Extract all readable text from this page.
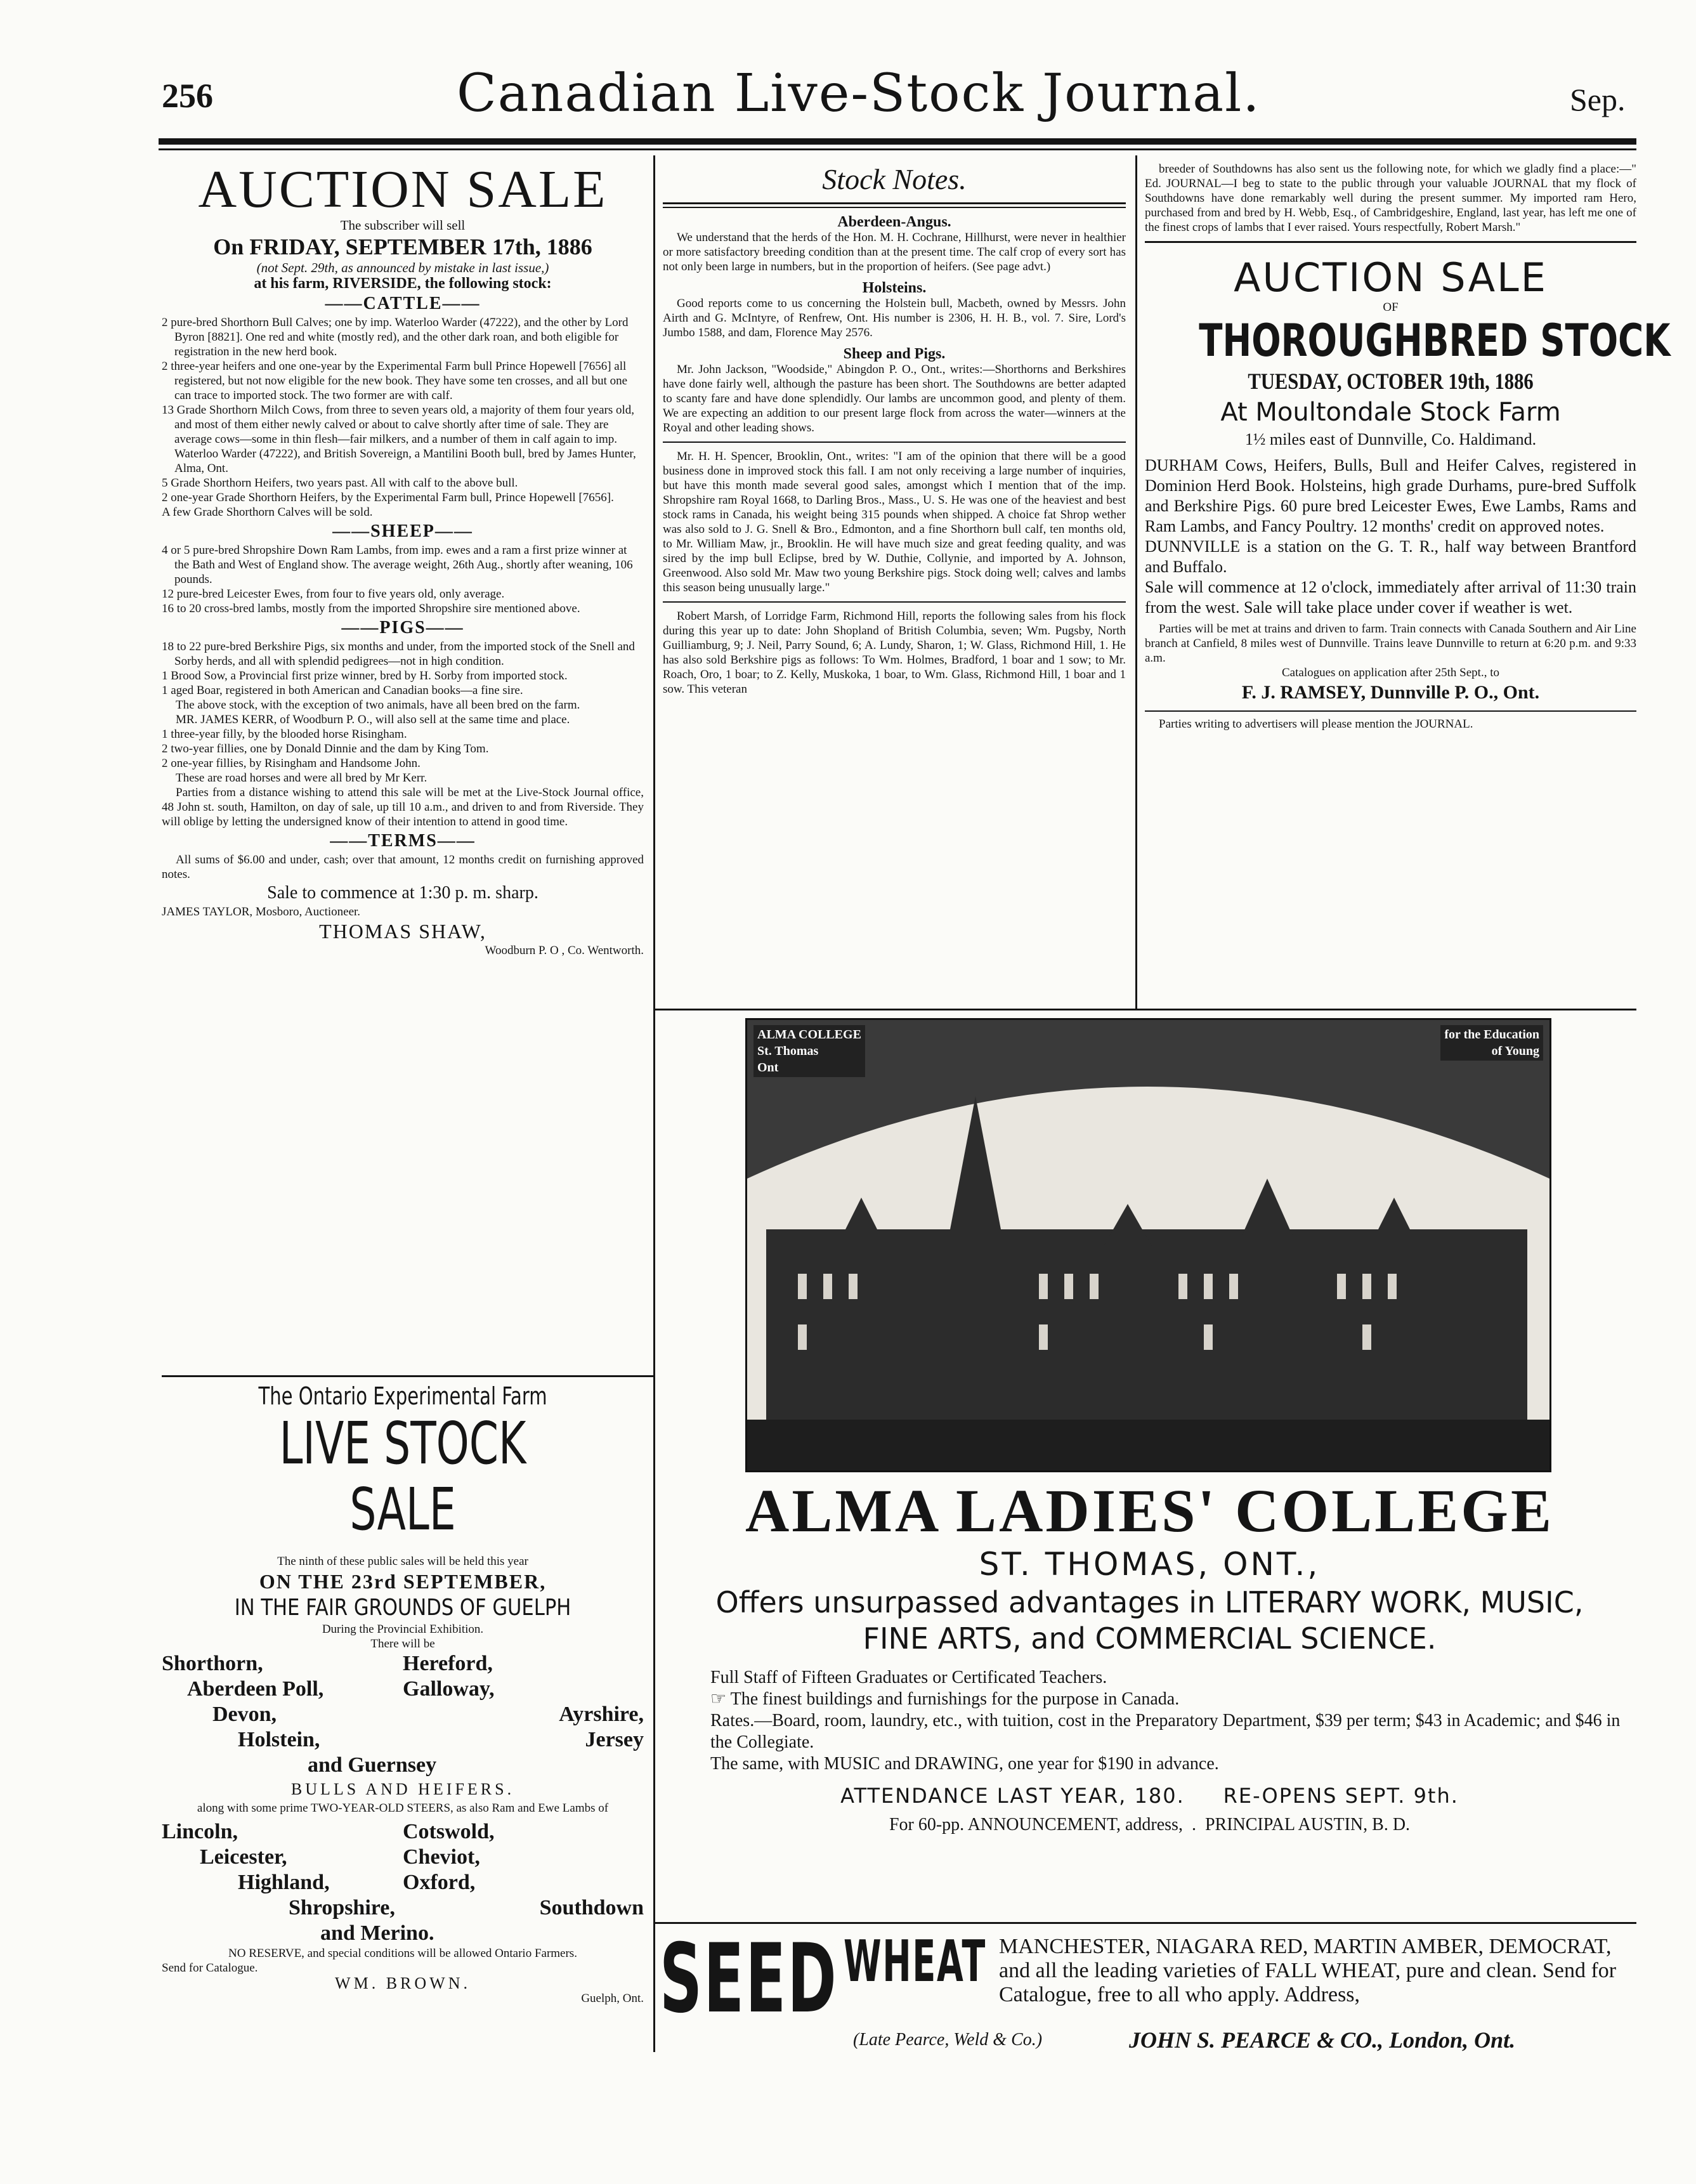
256	Canadian Live-Stock Journal.	Sep.
AUCTION SALE

The subscriber will sell

On FRIDAY, SEPTEMBER 17th, 1886

(not Sept. 29th, as announced by mistake in last issue,)

at his farm, RIVERSIDE, the following stock:

——CATTLE——

2 pure-bred Shorthorn Bull Calves; one by imp. Waterloo Warder (47222), and the other by Lord Byron [8821]. One red and white (mostly red), and the other dark roan, and both eligible for registration in the new herd book.

2 three-year heifers and one one-year by the Experimental Farm bull Prince Hopewell [7656] all registered, but not now eligible for the new book. They have some ten crosses, and all but one can trace to imported stock. The two former are with calf.

13 Grade Shorthorn Milch Cows, from three to seven years old, a majority of them four years old, and most of them either newly calved or about to calve shortly after time of sale. They are average cows—some in thin flesh—fair milkers, and a number of them in calf again to imp. Waterloo Warder (47222), and British Sovereign, a Mantilini Booth bull, bred by James Hunter, Alma, Ont.

5 Grade Shorthorn Heifers, two years past. All with calf to the above bull.

2 one-year Grade Shorthorn Heifers, by the Experimental Farm bull, Prince Hopewell [7656].

A few Grade Shorthorn Calves will be sold.

——SHEEP——

4 or 5 pure-bred Shropshire Down Ram Lambs, from imp. ewes and a ram a first prize winner at the Bath and West of England show. The average weight, 26th Aug., shortly after weaning, 106 pounds.

12 pure-bred Leicester Ewes, from four to five years old, only average.

16 to 20 cross-bred lambs, mostly from the imported Shropshire sire mentioned above.

——PIGS——

18 to 22 pure-bred Berkshire Pigs, six months and under, from the imported stock of the Snell and Sorby herds, and all with splendid pedigrees—not in high condition.

1 Brood Sow, a Provincial first prize winner, bred by H. Sorby from imported stock.

1 aged Boar, registered in both American and Canadian books—a fine sire.

The above stock, with the exception of two animals, have all been bred on the farm.

MR. JAMES KERR, of Woodburn P. O., will also sell at the same time and place.

1 three-year filly, by the blooded horse Risingham.

2 two-year fillies, one by Donald Dinnie and the dam by King Tom.

2 one-year fillies, by Risingham and Handsome John.

These are road horses and were all bred by Mr Kerr.

Parties from a distance wishing to attend this sale will be met at the Live-Stock Journal office, 48 John st. south, Hamilton, on day of sale, up till 10 a.m., and driven to and from Riverside. They will oblige by letting the undersigned know of their intention to attend in good time.

——TERMS——

All sums of $6.00 and under, cash; over that amount, 12 months credit on furnishing approved notes.

Sale to commence at 1:30 p. m. sharp.

JAMES TAYLOR, Mosboro, Auctioneer.

THOMAS SHAW,

Woodburn P. O , Co. Wentworth.

The Ontario Experimental Farm

LIVE STOCK SALE

The ninth of these public sales will be held this year

ON THE 23rd SEPTEMBER,

IN THE FAIR GROUNDS OF GUELPH

During the Provincial Exhibition.

There will be

Shorthorn,	Hereford,
Aberdeen Poll,	Galloway,
Devon,	Ayrshire,
Holstein,	Jersey
and Guernsey

BULLS AND HEIFERS.

along with some prime TWO-YEAR-OLD STEERS, as also Ram and Ewe Lambs of

Lincoln,	Cotswold,
Leicester,	Cheviot,
Highland,	Oxford,
Shropshire,	Southdown
and Merino.

NO RESERVE, and special conditions will be allowed Ontario Farmers.

Send for Catalogue.

WM. BROWN.

Guelph, Ont.

Stock Notes.

Aberdeen-Angus.

We understand that the herds of the Hon. M. H. Cochrane, Hillhurst, were never in healthier or more satisfactory breeding condition than at the present time. The calf crop of every sort has not only been large in numbers, but in the proportion of heifers. (See page advt.)

Holsteins.

Good reports come to us concerning the Holstein bull, Macbeth, owned by Messrs. John Airth and G. McIntyre, of Renfrew, Ont. His number is 2306, H. H. B., vol. 7. Sire, Lord's Jumbo 1588, and dam, Florence May 2576.

Sheep and Pigs.

Mr. John Jackson, "Woodside," Abingdon P. O., Ont., writes:—Shorthorns and Berkshires have done fairly well, although the pasture has been short. The Southdowns are better adapted to scanty fare and have done splendidly. Our lambs are uncommon good, and plenty of them. We are expecting an addition to our present large flock from across the water—winners at the Royal and other leading shows.

Mr. H. H. Spencer, Brooklin, Ont., writes: "I am of the opinion that there will be a good business done in improved stock this fall. I am not only receiving a large number of inquiries, but have this month made several good sales, amongst which I mention that of the imp. Shropshire ram Royal 1668, to Darling Bros., Mass., U. S. He was one of the heaviest and best stock rams in Canada, his weight being 315 pounds when shipped. A choice fat Shrop wether was also sold to J. G. Snell & Bro., Edmonton, and a fine Shorthorn bull calf, ten months old, to Mr. William Maw, jr., Brooklin. He will have much size and great feeding quality, and was sired by the imp bull Eclipse, bred by W. Duthie, Collynie, and imported by A. Johnson, Greenwood. Also sold Mr. Maw two young Berkshire pigs. Stock doing well; calves and lambs this season being unusually large."

Robert Marsh, of Lorridge Farm, Richmond Hill, reports the following sales from his flock during this year up to date: John Shopland of British Columbia, seven; Wm. Pugsby, North Guilliamburg, 9; J. Neil, Parry Sound, 6; A. Lundy, Sharon, 1; W. Glass, Richmond Hill, 1. He has also sold Berkshire pigs as follows: To Wm. Holmes, Bradford, 1 boar and 1 sow; to Mr. Roach, Oro, 1 boar; to Z. Kelly, Muskoka, 1 boar, to Wm. Glass, Richmond Hill, 1 boar and 1 sow. This veteran

breeder of Southdowns has also sent us the following note, for which we gladly find a place:—" Ed. JOURNAL—I beg to state to the public through your valuable JOURNAL that my flock of Southdowns have done remarkably well during the present summer. My imported ram Hero, purchased from and bred by H. Webb, Esq., of Cambridgeshire, England, last year, has left me one of the finest crops of lambs that I ever raised. Yours respectfully, Robert Marsh."

AUCTION SALE

OF

THOROUGHBRED STOCK

TUESDAY, OCTOBER 19th, 1886

At Moultondale Stock Farm

1½ miles east of Dunnville, Co. Haldimand.

DURHAM Cows, Heifers, Bulls, Bull and Heifer Calves, registered in Dominion Herd Book. Holsteins, high grade Durhams, pure-bred Suffolk and Berkshire Pigs. 60 pure bred Leicester Ewes, Ewe Lambs, Rams and Ram Lambs, and Fancy Poultry. 12 months' credit on approved notes.

DUNNVILLE is a station on the G. T. R., half way between Brantford and Buffalo.

Sale will commence at 12 o'clock, immediately after arrival of 11:30 train from the west. Sale will take place under cover if weather is wet.

Parties will be met at trains and driven to farm. Train connects with Canada Southern and Air Line branch at Canfield, 8 miles west of Dunnville. Trains leave Dunnville to return at 6:20 p.m. and 9:33 a.m.

Catalogues on application after 25th Sept., to

F. J. RAMSEY, Dunnville P. O., Ont.

Parties writing to advertisers will please mention the JOURNAL.

ALMA COLLEGE
St. Thomas
Ont
for the Education
of Young

ALMA LADIES' COLLEGE

ST. THOMAS, ONT.,

Offers unsurpassed advantages in LITERARY WORK, MUSIC,

FINE ARTS, and COMMERCIAL SCIENCE.

Full Staff of Fifteen Graduates or Certificated Teachers.

☞ The finest buildings and furnishings for the purpose in Canada.

Rates.—Board, room, laundry, etc., with tuition, cost in the Preparatory Department, $39 per term; $43 in Academic; and $46 in the Collegiate.

The same, with MUSIC and DRAWING, one year for $190 in advance.

ATTENDANCE LAST YEAR, 180.     RE-OPENS SEPT. 9th.

For 60-pp. ANNOUNCEMENT, address,  .  PRINCIPAL AUSTIN, B. D.

SEED WHEAT MANCHESTER, NIAGARA RED, MARTIN AMBER, DEMOCRAT, and all the leading varieties of FALL WHEAT, pure and clean. Send for Catalogue, free to all who apply. Address,
(Late Pearce, Weld & Co.)	JOHN S. PEARCE & CO., London, Ont.
